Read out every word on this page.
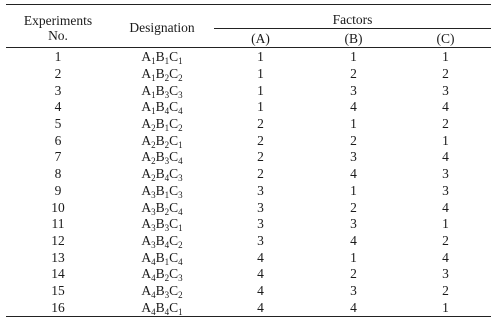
Experiments
No.	Designation	Factors		
		(A)	(B)	(C)
1	$A_1B_1C_1$	1	1	1
2	$A_1B_2C_2$	1	2	2
3	$A_1B_3C_3$	1	3	3
4	$A_1B_4C_4$	1	4	4
5	$A_2B_1C_2$	2	1	2
6	$A_2B_2C_1$	2	2	1
7	$A_2B_3C_4$	2	3	4
8	$A_2B_4C_3$	2	4	3
9	$A_3B_1C_3$	3	1	3
10	$A_3B_2C_4$	3	2	4
11	$A_3B_3C_1$	3	3	1
12	$A_3B_4C_2$	3	4	2
13	$A_4B_1C_4$	4	1	4
14	$A_4B_2C_3$	4	2	3
15	$A_4B_3C_2$	4	3	2
16	$A_4B_4C_1$	4	4	1
